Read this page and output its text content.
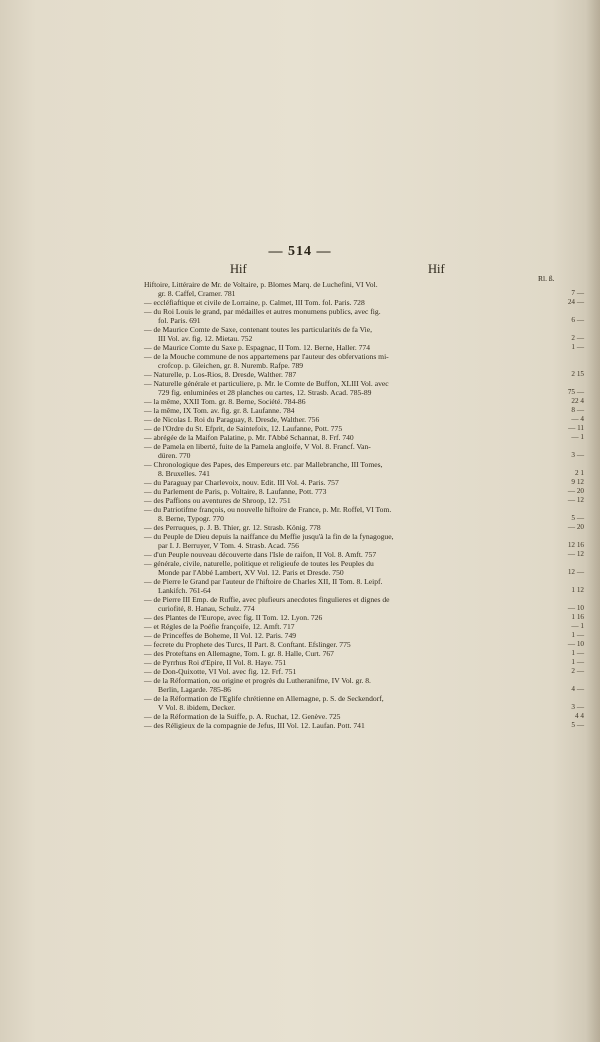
— 514 —
Hif	Hif
Rl. ß.
Hiftoire, Littéraire de Mr. de Voltaire, p. Blomes Marq. de Luchefini, VI Vol.
gr. 8. Caffel, Cramer. 781	7 —
— eccléfiaftique et civile de Lorraine, p. Calmet, III Tom. fol. Paris. 728	24 —
— du Roi Louis le grand, par médailles et autres monumens publics, avec fig.
fol. Paris. 691	6 —
— de Maurice Comte de Saxe, contenant toutes les particularités de fa Vie,
III Vol. av. fig. 12. Mietau. 752	2 —
— de Maurice Comte du Saxe p. Espagnac, II Tom. 12. Berne, Haller. 774	1 —
— de la Mouche commune de nos appartemens par l'auteur des obfervations mi-
crofcop. p. Gleichen, gr. 8. Nuremb. Rafpe. 789
— Naturelle, p. Los-Rios, 8. Dresde, Walther. 787	2 15
— Naturelle générale et particuliere, p. Mr. le Comte de Buffon, XLIII Vol. avec
729 fig. enluminées et 28 planches ou cartes, 12. Strasb. Acad. 785-89	75 —
— la même, XXII Tom. gr. 8. Berne, Société. 784-86	22 4
— la même, IX Tom. av. fig. gr. 8. Laufanne. 784	8 —
— de Nicolas I. Roi du Paraguay, 8. Dresde, Walther. 756	— 4
— de l'Ordre du St. Efprit, de Saintefoix, 12. Laufanne, Pott. 775	— 11
— abrégée de la Maifon Palatine, p. Mr. l'Abbé Schannat, 8. Frf. 740	— 1
— de Pamela en liberté, fuite de la Pamela angloife, V Vol. 8. Francf. Van-
düren. 770	3 —
— Chronologique des Papes, des Empereurs etc. par Mallebranche, III Tomes,
8. Bruxelles. 741	2 1
— du Paraguay par Charlevoix, nouv. Edit. III Vol. 4. Paris. 757	9 12
— du Parlement de Paris, p. Voltaire, 8. Laufanne, Pott. 773	— 20
— des Paffions ou aventures de Shroop, 12. 751	— 12
— du Patriotifme françois, ou nouvelle hiftoire de France, p. Mr. Roffel, VI Tom.
8. Berne, Typogr. 770	5 —
— des Perruques, p. J. B. Thier, gr. 12. Strasb. König. 778	— 20
— du Peuple de Dieu depuis la naiffance du Meffie jusqu'à la fin de la fynagogue,
par I. J. Berruyer, V Tom. 4. Strasb. Acad. 756	12 16
— d'un Peuple nouveau découverte dans l'Isle de raifon, II Vol. 8. Amft. 757	— 12
— générale, civile, naturelle, politique et religieufe de toutes les Peuples du
Monde par l'Abbé Lambert, XV Vol. 12. Paris et Dresde. 750	12 —
— de Pierre le Grand par l'auteur de l'hiftoire de Charles XII, II Tom. 8. Leipf.
Lankifch. 761-64	1 12
— de Pierre III Emp. de Ruffie, avec plufieurs anecdotes fingulieres et dignes de
curiofité, 8. Hanau, Schulz. 774	— 10
— des Plantes de l'Europe, avec fig. II Tom. 12. Lyon. 726	1 16
— et Régles de la Poéfie françoife, 12. Amft. 717	— 1
— de Princeffes de Boheme, II Vol. 12. Paris. 749	1 —
— fecrete du Prophete des Turcs, II Part. 8. Conftant. Efslinger. 775	— 10
— des Proteftans en Allemagne, Tom. I. gr. 8. Halle, Curt. 767	1 —
— de Pyrrhus Roi d'Epire, II Vol. 8. Haye. 751	1 —
— de Don-Quixotte, VI Vol. avec fig. 12. Frf. 751	2 —
— de la Réformation, ou origine et progrès du Lutheranifme, IV Vol. gr. 8.
Berlin, Lagarde. 785-86	4 —
— de la Réformation de l'Eglife chrétienne en Allemagne, p. S. de Seckendorf,
V Vol. 8. ibidem, Decker.	3 —
— de la Réformation de la Suiffe, p. A. Ruchat, 12. Genève. 725	4 4
— des Réligieux de la compagnie de Jefus, III Vol. 12. Laufan. Pott. 741	5 —
